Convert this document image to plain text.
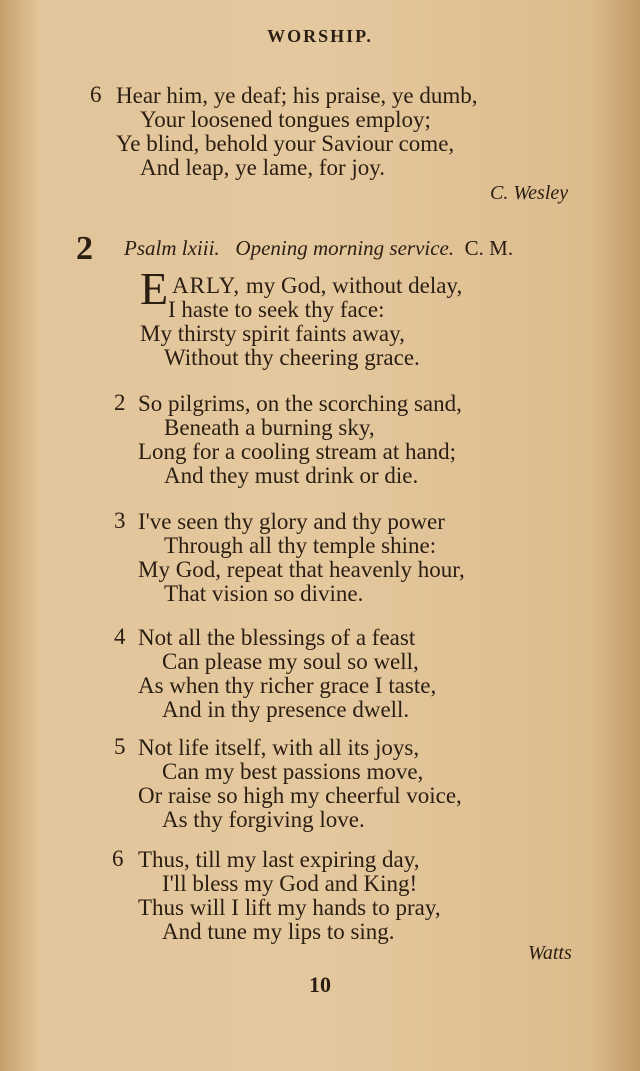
WORSHIP.
6 Hear him, ye deaf; his praise, ye dumb,
Your loosened tongues employ;
Ye blind, behold your Saviour come,
And leap, ye lame, for joy.
C. Wesley
2 Psalm lxiii. Opening morning service. C. M.
E ARLY, my God, without delay,
I haste to seek thy face:
My thirsty spirit faints away,
Without thy cheering grace.
2 So pilgrims, on the scorching sand,
Beneath a burning sky,
Long for a cooling stream at hand;
And they must drink or die.
3 I've seen thy glory and thy power
Through all thy temple shine:
My God, repeat that heavenly hour,
That vision so divine.
4 Not all the blessings of a feast
Can please my soul so well,
As when thy richer grace I taste,
And in thy presence dwell.
5 Not life itself, with all its joys,
Can my best passions move,
Or raise so high my cheerful voice,
As thy forgiving love.
6 Thus, till my last expiring day,
I'll bless my God and King!
Thus will I lift my hands to pray,
And tune my lips to sing.
Watts
10
